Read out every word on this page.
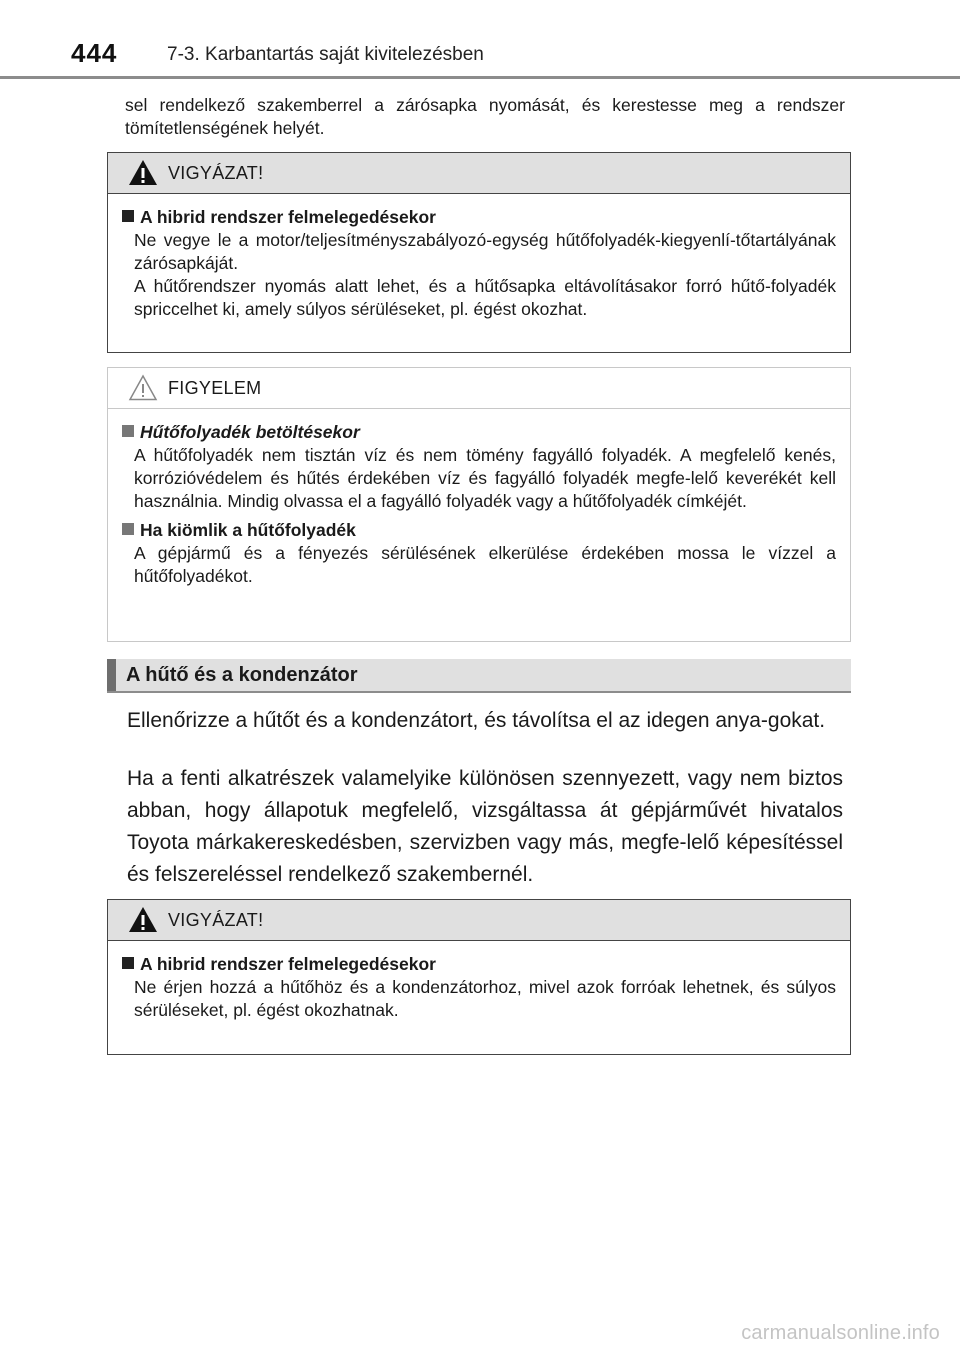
444	7-3. Karbantartás saját kivitelezésben
sel rendelkező szakemberrel a zárósapka nyomását, és kerestesse meg a rendszer tömítetlenségének helyét.
VIGYÁZAT!
A hibrid rendszer felmelegedésekor
Ne vegye le a motor/teljesítményszabályozó-egység hűtőfolyadék-kiegyenlí-tőtartályának zárósapkáját.
A hűtőrendszer nyomás alatt lehet, és a hűtősapka eltávolításakor forró hűtő-folyadék spriccelhet ki, amely súlyos sérüléseket, pl. égést okozhat.
FIGYELEM
Hűtőfolyadék betöltésekor
A hűtőfolyadék nem tisztán víz és nem tömény fagyálló folyadék. A megfelelő kenés, korrózióvédelem és hűtés érdekében víz és fagyálló folyadék megfe-lelő keverékét kell használnia. Mindig olvassa el a fagyálló folyadék vagy a hűtőfolyadék címkéjét.
Ha kiömlik a hűtőfolyadék
A gépjármű és a fényezés sérülésének elkerülése érdekében mossa le vízzel a hűtőfolyadékot.
A hűtő és a kondenzátor

Ellenőrizze a hűtőt és a kondenzátort, és távolítsa el az idegen anya-gokat.

Ha a fenti alkatrészek valamelyike különösen szennyezett, vagy nem biztos abban, hogy állapotuk megfelelő, vizsgáltassa át gépjárművét hivatalos Toyota márkakereskedésben, szervizben vagy más, megfe-lelő képesítéssel és felszereléssel rendelkező szakembernél.

VIGYÁZAT!
A hibrid rendszer felmelegedésekor
Ne érjen hozzá a hűtőhöz és a kondenzátorhoz, mivel azok forróak lehetnek, és súlyos sérüléseket, pl. égést okozhatnak.
carmanualsonline.info
